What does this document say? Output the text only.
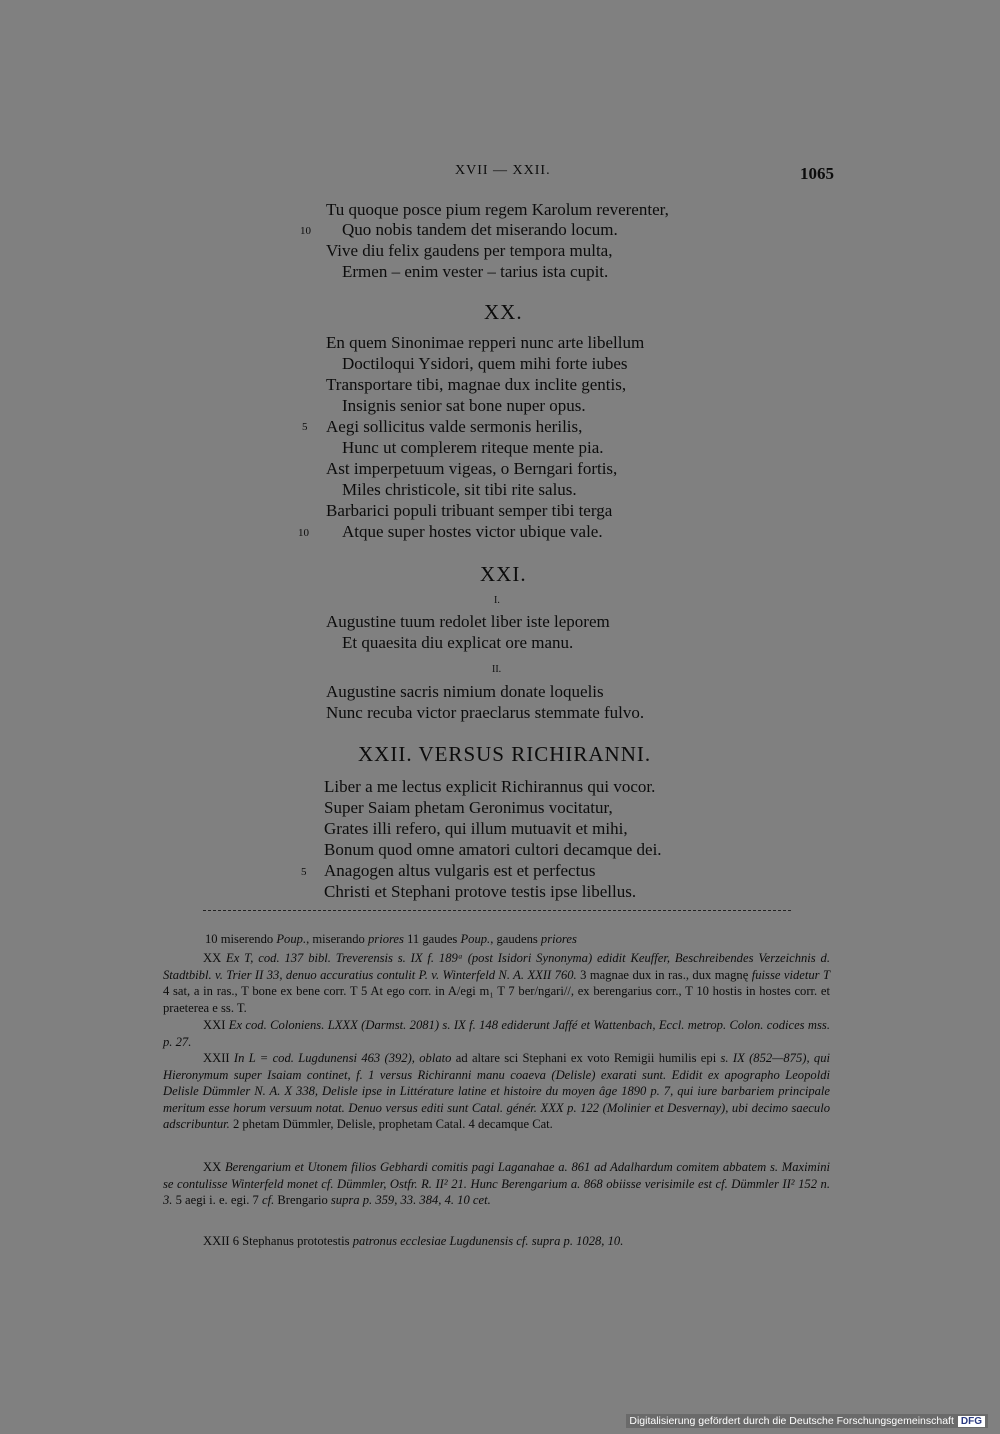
XVII — XXII.	1065
Tu quoque posce pium regem Karolum reverenter,
Quo nobis tandem det miserando locum.
Vive diu felix gaudens per tempora multa,
Ermen – enim vester – tarius ista cupit.
10
XX.
En quem Sinonimae repperi nunc arte libellum
Doctiloqui Ysidori, quem mihi forte iubes
Transportare tibi, magnae dux inclite gentis,
Insignis senior sat bone nuper opus.
Aegi sollicitus valde sermonis herilis,
Hunc ut complerem riteque mente pia.
Ast imperpetuum vigeas, o Berngari fortis,
Miles christicole, sit tibi rite salus.
Barbarici populi tribuant semper tibi terga
Atque super hostes victor ubique vale.
5
10
XXI.
I.
Augustine tuum redolet liber iste leporem
Et quaesita diu explicat ore manu.
II.
Augustine sacris nimium donate loquelis
Nunc recuba victor praeclarus stemmate fulvo.
XXII. VERSUS RICHIRANNI.
Liber a me lectus explicit Richirannus qui vocor.
Super Saiam phetam Geronimus vocitatur,
Grates illi refero, qui illum mutuavit et mihi,
Bonum quod omne amatori cultori decamque dei.
Anagogen altus vulgaris est et perfectus
Christi et Stephani protove testis ipse libellus.
5

10 miserendo Poup., miserando priores 11 gaudes Poup., gaudens priores

XX Ex T, cod. 137 bibl. Treverensis s. IX f. 189ᵃ (post Isidori Synonyma) edidit Keuffer, Beschreibendes Verzeichnis d. Stadtbibl. v. Trier II 33, denuo accuratius contulit P. v. Winterfeld N. A. XXII 760. 3 magnae dux in ras., dux magnę fuisse videtur T 4 sat, a in ras., T bone ex bene corr. T 5 At ego corr. in A/egi m₁ T 7 ber/ngari//, ex berengarius corr., T 10 hostis in hostes corr. et praeterea e ss. T.

XXI Ex cod. Coloniens. LXXX (Darmst. 2081) s. IX f. 148 ediderunt Jaffé et Wattenbach, Eccl. metrop. Colon. codices mss. p. 27.

XXII In L = cod. Lugdunensi 463 (392), oblato ad altare sci Stephani ex voto Remigii humilis epi s. IX (852—875), qui Hieronymum super Isaiam continet, f. 1 versus Richiranni manu coaeva (Delisle) exarati sunt. Edidit ex apographo Leopoldi Delisle Dümmler N. A. X 338, Delisle ipse in Littérature latine et histoire du moyen âge 1890 p. 7, qui iure barbariem principale meritum esse horum versuum notat. Denuo versus editi sunt Catal. génér. XXX p. 122 (Molinier et Desvernay), ubi decimo saeculo adscribuntur. 2 phetam Dümmler, Delisle, prophetam Catal. 4 decamque Cat.

XX Berengarium et Utonem filios Gebhardi comitis pagi Laganahae a. 861 ad Adalhardum comitem abbatem s. Maximini se contulisse Winterfeld monet cf. Dümmler, Ostfr. R. II² 21. Hunc Berengarium a. 868 obiisse verisimile est cf. Dümmler II² 152 n. 3. 5 aegi i. e. egi. 7 cf. Brengario supra p. 359, 33. 384, 4. 10 cet.

XXII 6 Stephanus prototestis patronus ecclesiae Lugdunensis cf. supra p. 1028, 10.

Digitalisierung gefördert durch die Deutsche Forschungsgemeinschaft DFG
